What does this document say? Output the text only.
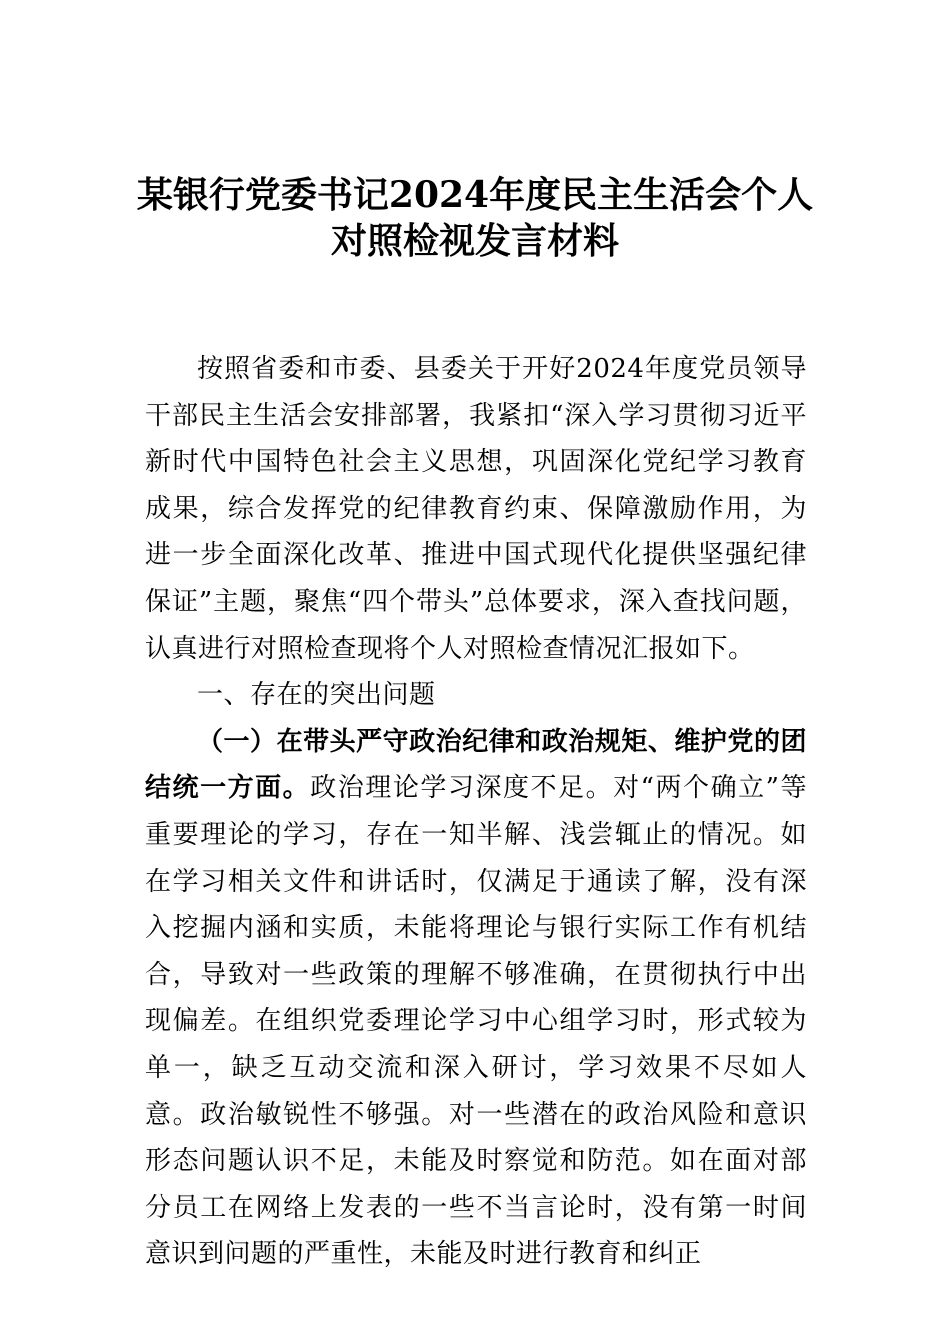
某银行党委书记2024年度民主生活会个人
对照检视发言材料

按照省委和市委、县委关于开好2024年度党员领导干部民主生活会安排部署，我紧扣“深入学习贯彻习近平新时代中国特色社会主义思想，巩固深化党纪学习教育成果，综合发挥党的纪律教育约束、保障激励作用，为进一步全面深化改革、推进中国式现代化提供坚强纪律保证”主题，聚焦“四个带头”总体要求，深入查找问题，认真进行对照检查现将个人对照检查情况汇报如下。

一、存在的突出问题

（一）在带头严守政治纪律和政治规矩、维护党的团结统一方面。政治理论学习深度不足。对“两个确立”等重要理论的学习，存在一知半解、浅尝辄止的情况。如在学习相关文件和讲话时，仅满足于通读了解，没有深入挖掘内涵和实质，未能将理论与银行实际工作有机结合，导致对一些政策的理解不够准确，在贯彻执行中出现偏差。在组织党委理论学习中心组学习时，形式较为单一，缺乏互动交流和深入研讨，学习效果不尽如人意。政治敏锐性不够强。对一些潜在的政治风险和意识形态问题认识不足，未能及时察觉和防范。如在面对部分员工在网络上发表的一些不当言论时，没有第一时间意识到问题的严重性，未能及时进行教育和纠正
